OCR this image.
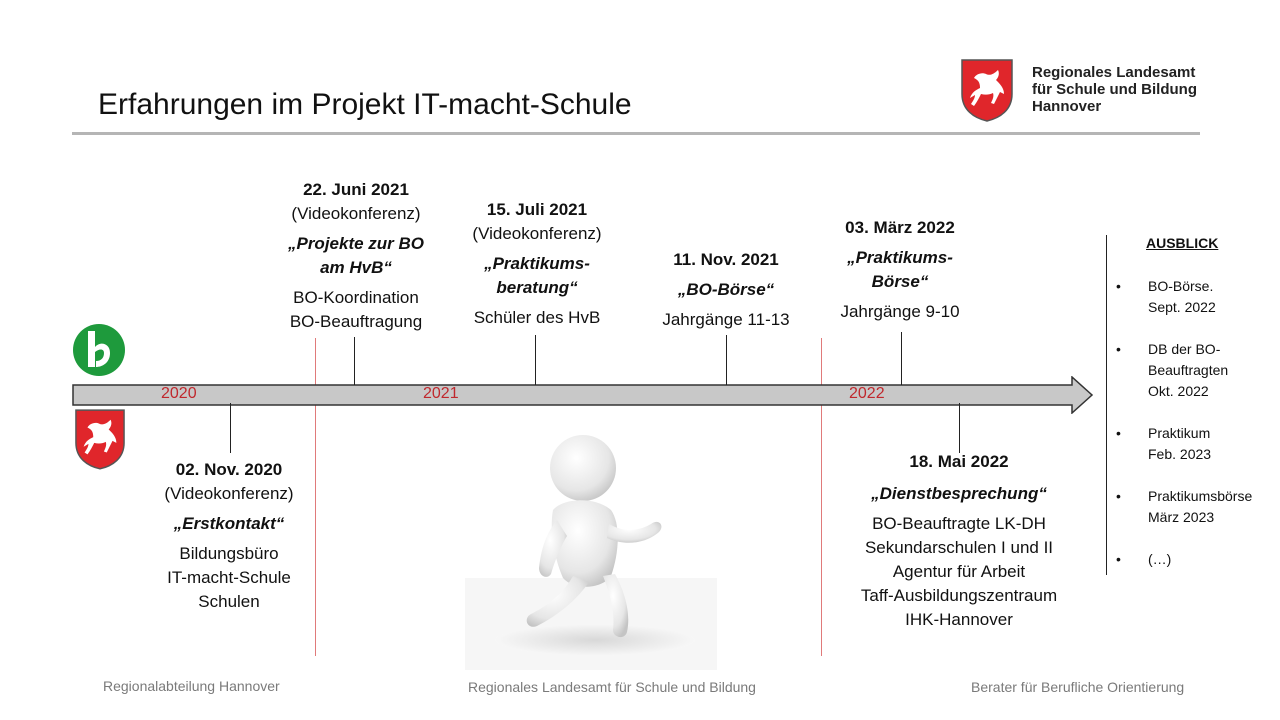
Erfahrungen im Projekt IT-macht-Schule
Regionales Landesamt
für Schule und Bildung
Hannover
2020	2021	2022
22. Juni 2021
(Videokonferenz)
„Projekte zur BO
am HvB“
BO-Koordination
BO-Beauftragung
15. Juli 2021
(Videokonferenz)
„Praktikums-
beratung“
Schüler des HvB
11. Nov. 2021
„BO-Börse“
Jahrgänge 11-13
03. März 2022
„Praktikums-
Börse“
Jahrgänge 9-10
02. Nov. 2020
(Videokonferenz)
„Erstkontakt“
Bildungsbüro
IT-macht-Schule
Schulen
18. Mai 2022
„Dienstbesprechung“
BO-Beauftragte LK-DH
Sekundarschulen I und II
Agentur für Arbeit
Taff-Ausbildungszentraum
IHK-Hannover
AUSBLICK
• BO-Börse.
Sept. 2022
• DB der BO-
Beauftragten
Okt. 2022
• Praktikum
Feb. 2023
• Praktikumsbörse
März 2023
• (…)
Regionalabteilung Hannover	Regionales Landesamt für Schule und Bildung	Berater für Berufliche Orientierung
